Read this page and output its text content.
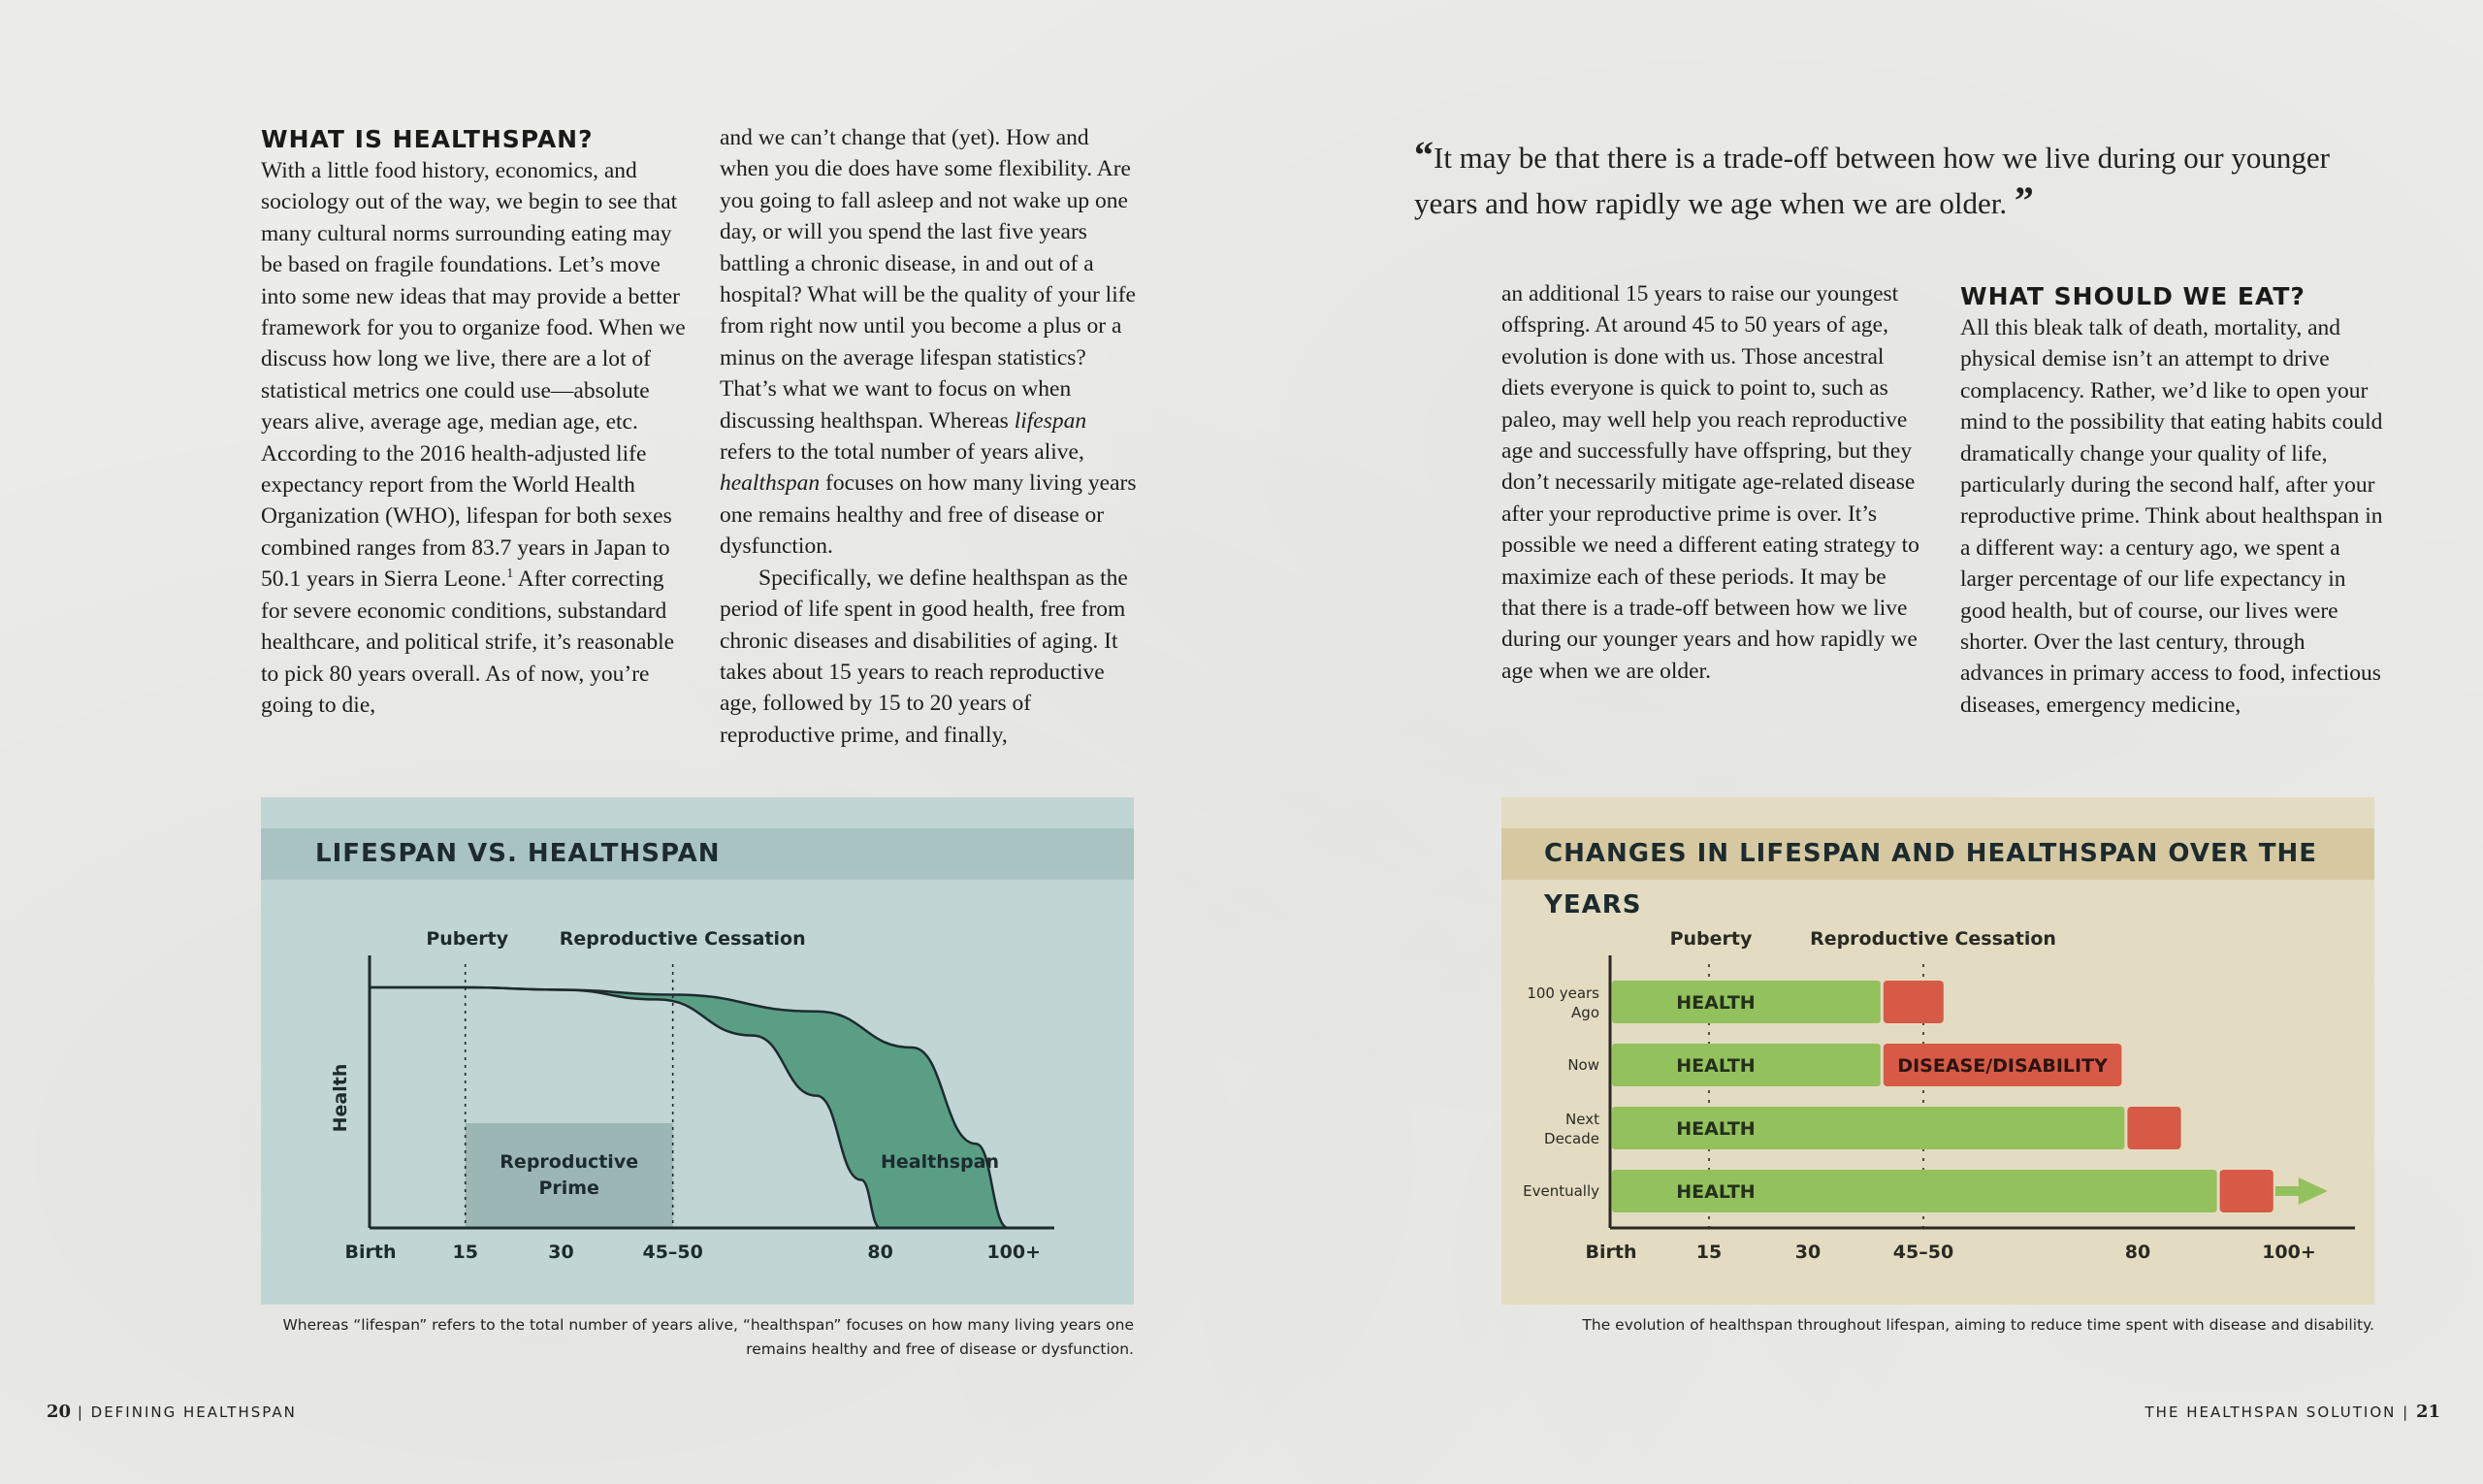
WHAT IS HEALTHSPAN?

With a little food history, economics, and sociology out of the way, we begin to see that many cultural norms surrounding eating may be based on fragile foundations. Let’s move into some new ideas that may provide a better framework for you to organize food. When we discuss how long we live, there are a lot of statistical metrics one could use—absolute years alive, average age, median age, etc. According to the 2016 health-adjusted life expectancy report from the World Health Organization (WHO), lifespan for both sexes combined ranges from 83.7 years in Japan to 50.1 years in Sierra Leone.$^1$ After correcting for severe economic conditions, substandard healthcare, and political strife, it’s reasonable to pick 80 years overall. As of now, you’re going to die,

and we can’t change that (yet). How and when you die does have some flexibility. Are you going to fall asleep and not wake up one day, or will you spend the last five years battling a chronic disease, in and out of a hospital? What will be the quality of your life from right now until you become a plus or a minus on the average lifespan statistics? That’s what we want to focus on when discussing healthspan. Whereas lifespan refers to the total number of years alive, healthspan focuses on how many living years one remains healthy and free of disease or dysfunction.

Specifically, we define healthspan as the period of life spent in good health, free from chronic diseases and disabilities of aging. It takes about 15 years to reach reproductive age, followed by 15 to 20 years of reproductive prime, and finally,

Puberty	Reproductive Cessation
Health
Birth	15	30	45–50	80	100+
Reproductive
Prime
Healthspan
LIFESPAN VS. HEALTHSPAN
Whereas “lifespan” refers to the total number of years alive, “healthspan” focuses on how many living years one remains healthy and free of disease or dysfunction.
“It may be that there is a trade-off between how we live during our younger years and how rapidly we age when we are older. ”

an additional 15 years to raise our youngest offspring. At around 45 to 50 years of age, evolution is done with us. Those ancestral diets everyone is quick to point to, such as paleo, may well help you reach reproductive age and successfully have offspring, but they don’t necessarily mitigate age-related disease after your reproductive prime is over. It’s possible we need a different eating strategy to maximize each of these periods. It may be that there is a trade-off between how we live during our younger years and how rapidly we age when we are older.

WHAT SHOULD WE EAT?

All this bleak talk of death, mortality, and physical demise isn’t an attempt to drive complacency. Rather, we’d like to open your mind to the possibility that eating habits could dramatically change your quality of life, particularly during the second half, after your reproductive prime. Think about healthspan in a different way: a century ago, we spent a larger percentage of our life expectancy in good health, but of course, our lives were shorter. Over the last century, through advances in primary access to food, infectious diseases, emergency medicine,

Puberty	Reproductive Cessation
HEALTH
100 years
Ago
HEALTH
Now
HEALTH
Next
Decade
HEALTH
Eventually
DISEASE/DISABILITY
Birth	15	30	45–50	80	100+
CHANGES IN LIFESPAN AND HEALTHSPAN OVER THE YEARS
The evolution of healthspan throughout lifespan, aiming to reduce time spent with disease and disability.
20 | DEFINING HEALTHSPAN	THE HEALTHSPAN SOLUTION | 21
